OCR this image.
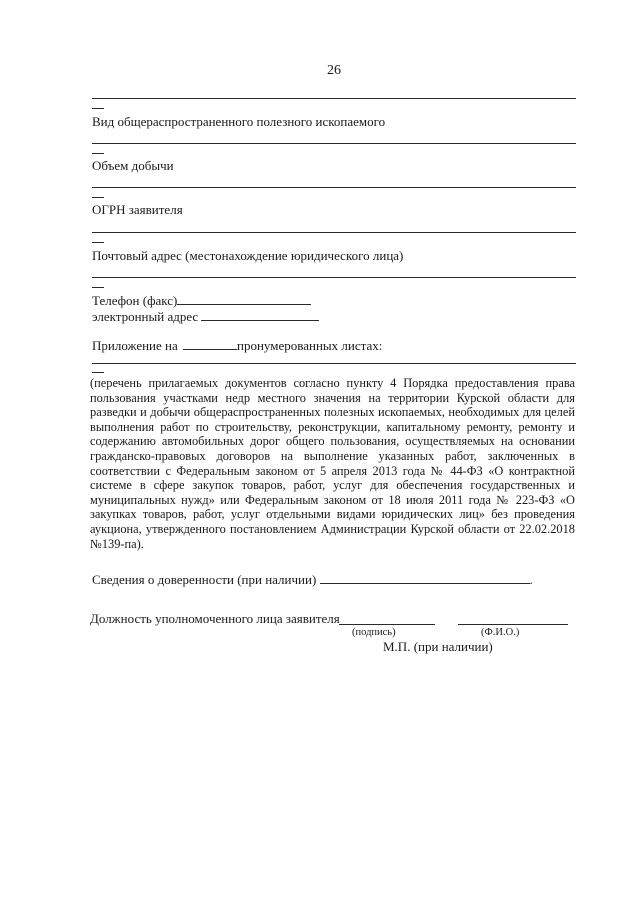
26
Вид общераспространенного полезного ископаемого
Объем добычи
ОГРН заявителя
Почтовый адрес (местонахождение юридического лица)
Телефон (факс)
электронный адрес
Приложение на	пронумерованных листах:
(перечень прилагаемых документов согласно пункту 4 Порядка предоставления права пользования участками недр местного значения на территории Курской области для разведки и добычи общераспространенных полезных ископаемых, необходимых для целей выполнения работ по строительству, реконструкции, капитальному ремонту, ремонту и содержанию автомобильных дорог общего пользования, осуществляемых на основании гражданско-правовых договоров на выполнение указанных работ, заключенных в соответствии с Федеральным законом от 5 апреля 2013 года № 44-ФЗ «О контрактной системе в сфере закупок товаров, работ, услуг для обеспечения государственных и муниципальных нужд» или Федеральным законом от 18 июля 2011 года № 223-ФЗ «О закупках товаров, работ, услуг отдельными видами юридических лиц» без проведения аукциона, утвержденного постановлением Администрации Курской области от 22.02.2018 №139-па).
Сведения о доверенности (при наличии)	.
Должность уполномоченного лица заявителя
(подпись)	(Ф.И.О.)
М.П. (при наличии)
